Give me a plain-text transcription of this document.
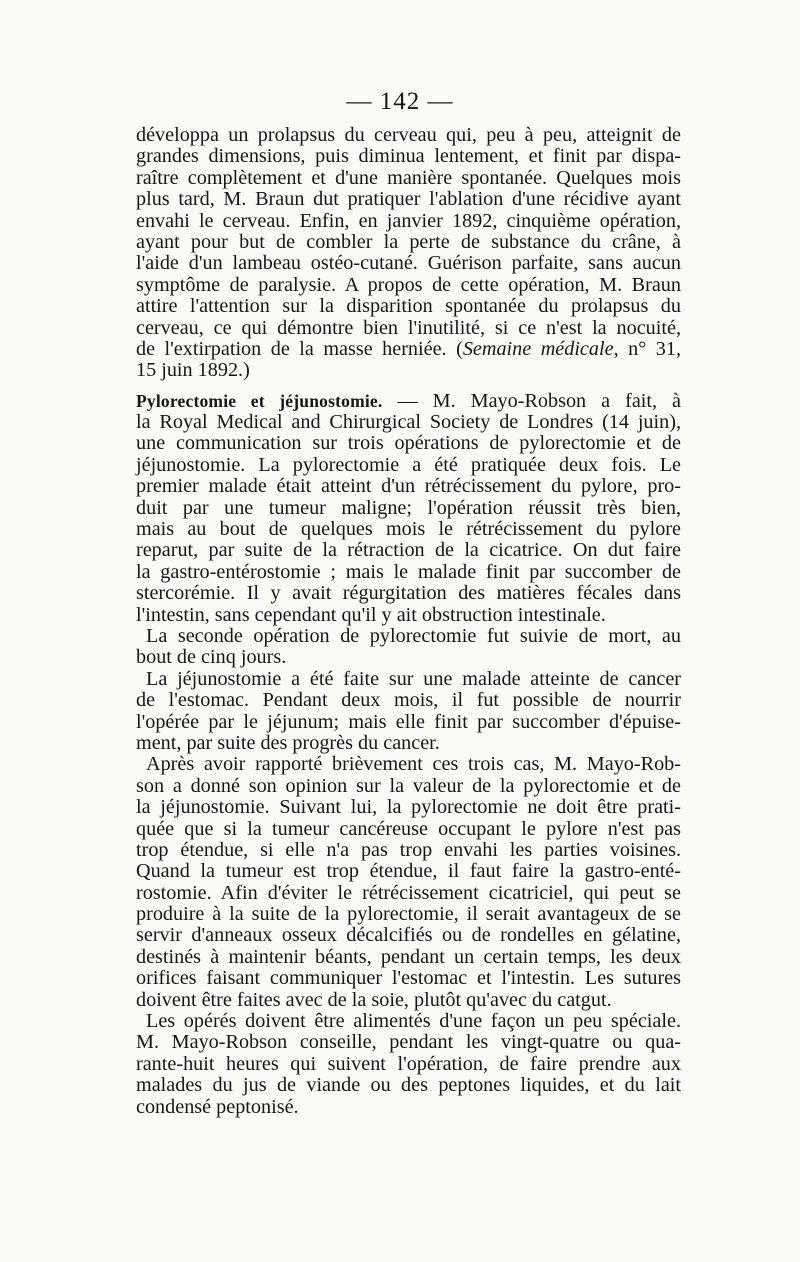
— 142 —
développa un prolapsus du cerveau qui, peu à peu, atteignit de
grandes dimensions, puis diminua lentement, et finit par dispa-
raître complètement et d'une manière spontanée. Quelques mois
plus tard, M. Braun dut pratiquer l'ablation d'une récidive ayant
envahi le cerveau. Enfin, en janvier 1892, cinquième opération,
ayant pour but de combler la perte de substance du crâne, à
l'aide d'un lambeau ostéo-cutané. Guérison parfaite, sans aucun
symptôme de paralysie. A propos de cette opération, M. Braun
attire l'attention sur la disparition spontanée du prolapsus du
cerveau, ce qui démontre bien l'inutilité, si ce n'est la nocuité,
de l'extirpation de la masse herniée. (Semaine médicale, n° 31,
15 juin 1892.)
Pylorectomie et jéjunostomie. — M. Mayo-Robson a fait, à
la Royal Medical and Chirurgical Society de Londres (14 juin),
une communication sur trois opérations de pylorectomie et de
jéjunostomie. La pylorectomie a été pratiquée deux fois. Le
premier malade était atteint d'un rétrécissement du pylore, pro-
duit par une tumeur maligne; l'opération réussit très bien,
mais au bout de quelques mois le rétrécissement du pylore
reparut, par suite de la rétraction de la cicatrice. On dut faire
la gastro-entérostomie ; mais le malade finit par succomber de
stercorémie. Il y avait régurgitation des matières fécales dans
l'intestin, sans cependant qu'il y ait obstruction intestinale.
La seconde opération de pylorectomie fut suivie de mort, au
bout de cinq jours.
La jéjunostomie a été faite sur une malade atteinte de cancer
de l'estomac. Pendant deux mois, il fut possible de nourrir
l'opérée par le jéjunum; mais elle finit par succomber d'épuise-
ment, par suite des progrès du cancer.
Après avoir rapporté brièvement ces trois cas, M. Mayo-Rob-
son a donné son opinion sur la valeur de la pylorectomie et de
la jéjunostomie. Suivant lui, la pylorectomie ne doit être prati-
quée que si la tumeur cancéreuse occupant le pylore n'est pas
trop étendue, si elle n'a pas trop envahi les parties voisines.
Quand la tumeur est trop étendue, il faut faire la gastro-enté-
rostomie. Afin d'éviter le rétrécissement cicatriciel, qui peut se
produire à la suite de la pylorectomie, il serait avantageux de se
servir d'anneaux osseux décalcifiés ou de rondelles en gélatine,
destinés à maintenir béants, pendant un certain temps, les deux
orifices faisant communiquer l'estomac et l'intestin. Les sutures
doivent être faites avec de la soie, plutôt qu'avec du catgut.
Les opérés doivent être alimentés d'une façon un peu spéciale.
M. Mayo-Robson conseille, pendant les vingt-quatre ou qua-
rante-huit heures qui suivent l'opération, de faire prendre aux
malades du jus de viande ou des peptones liquides, et du lait
condensé peptonisé.
